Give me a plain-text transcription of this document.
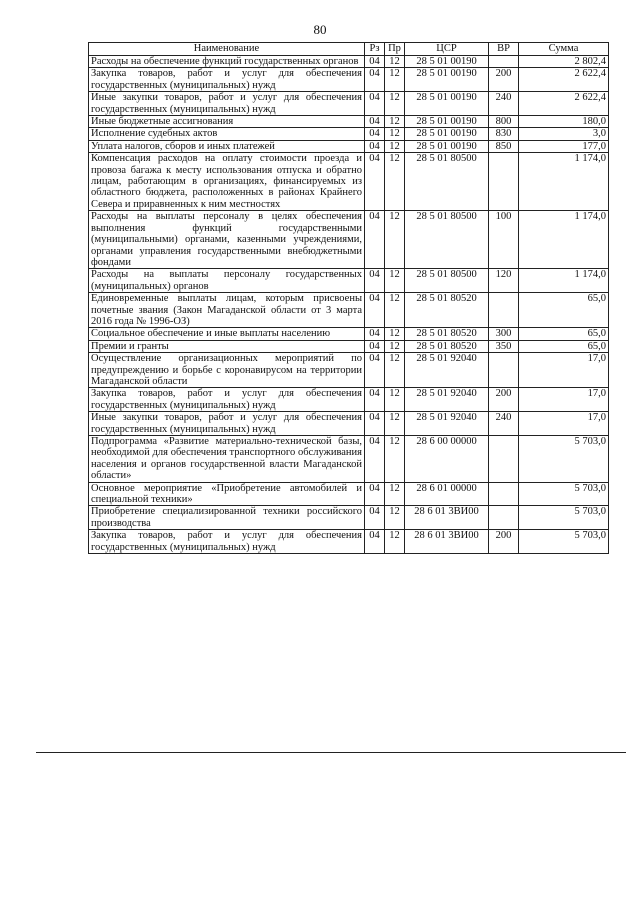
80
Наименование	Рз	Пр	ЦСР	ВР	Сумма
Расходы на обеспечение функций государственных органов	04	12	28 5 01 00190		2 802,4
Закупка товаров, работ и услуг для обеспечения государственных (муниципальных) нужд	04	12	28 5 01 00190	200	2 622,4
Иные закупки товаров, работ и услуг для обеспечения государственных (муниципальных) нужд	04	12	28 5 01 00190	240	2 622,4
Иные бюджетные ассигнования	04	12	28 5 01 00190	800	180,0
Исполнение судебных актов	04	12	28 5 01 00190	830	3,0
Уплата налогов, сборов и иных платежей	04	12	28 5 01 00190	850	177,0
Компенсация расходов на оплату стоимости проезда и провоза багажа к месту использования отпуска и обратно лицам, работающим в организациях, финансируемых из областного бюджета, расположенных в районах Крайнего Севера и приравненных к ним местностях	04	12	28 5 01 80500		1 174,0
Расходы на выплаты персоналу в целях обеспечения выполнения функций государственными (муниципальными) органами, казенными учреждениями, органами управления государственными внебюджетными фондами	04	12	28 5 01 80500	100	1 174,0
Расходы на выплаты персоналу государственных (муниципальных) органов	04	12	28 5 01 80500	120	1 174,0
Единовременные выплаты лицам, которым присвоены почетные звания (Закон Магаданской области от 3 марта 2016 года № 1996-ОЗ)	04	12	28 5 01 80520		65,0
Социальное обеспечение и иные выплаты населению	04	12	28 5 01 80520	300	65,0
Премии и гранты	04	12	28 5 01 80520	350	65,0
Осуществление организационных мероприятий по предупреждению и борьбе с коронавирусом на территории Магаданской области	04	12	28 5 01 92040		17,0
Закупка товаров, работ и услуг для обеспечения государственных (муниципальных) нужд	04	12	28 5 01 92040	200	17,0
Иные закупки товаров, работ и услуг для обеспечения государственных (муниципальных) нужд	04	12	28 5 01 92040	240	17,0
Подпрограмма «Развитие материально-технической базы, необходимой для обеспечения транспортного обслуживания населения и органов государственной власти Магаданской области»	04	12	28 6 00 00000		5 703,0
Основное мероприятие «Приобретение автомобилей и специальной техники»	04	12	28 6 01 00000		5 703,0
Приобретение специализированной техники российского производства	04	12	28 6 01 3ВИ00		5 703,0
Закупка товаров, работ и услуг для обеспечения государственных (муниципальных) нужд	04	12	28 6 01 3ВИ00	200	5 703,0
